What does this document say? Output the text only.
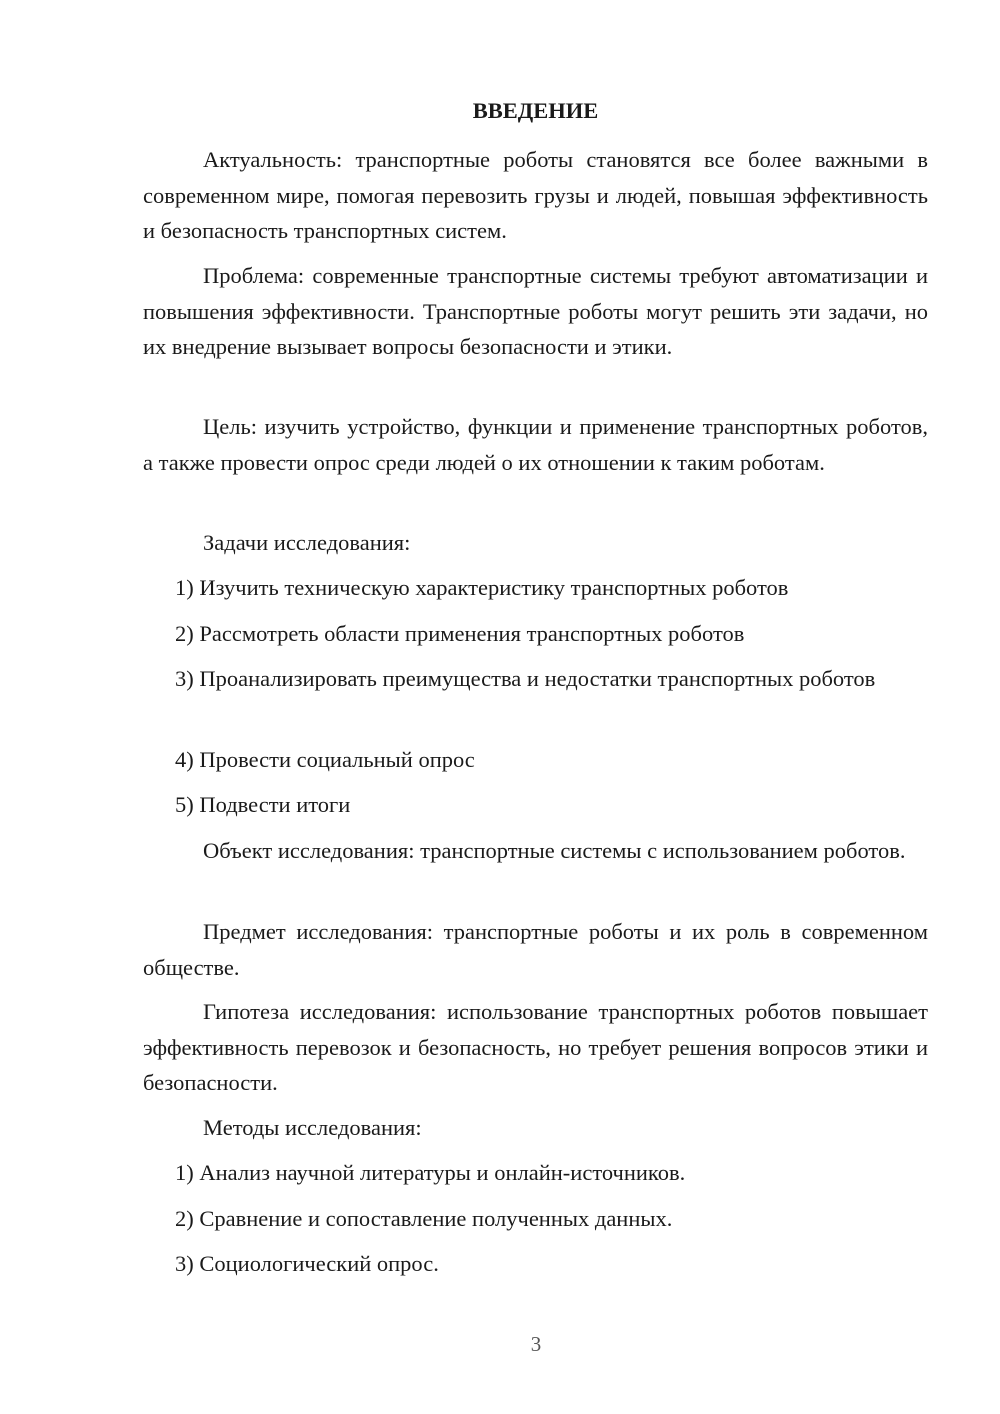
ВВЕДЕНИЕ

Актуальность: транспортные роботы становятся все более важными в современном мире, помогая перевозить грузы и людей, повышая эффективность и безопасность транспортных систем.

Проблема: современные транспортные системы требуют автоматизации и повышения эффективности. Транспортные роботы могут решить эти задачи, но их внедрение вызывает вопросы безопасности и этики.

Цель: изучить устройство, функции и применение транспортных роботов, а также провести опрос среди людей о их отношении к таким роботам.

Задачи исследования:

1) Изучить техническую характеристику транспортных роботов

2) Рассмотреть области применения транспортных роботов

3) Проанализировать преимущества и недостатки транспортных роботов

4) Провести социальный опрос

5) Подвести итоги

Объект исследования: транспортные системы с использованием роботов.

Предмет исследования: транспортные роботы и их роль в современном обществе.

Гипотеза исследования: использование транспортных роботов повышает эффективность перевозок и безопасность, но требует решения вопросов этики и безопасности.

Методы исследования:

1) Анализ научной литературы и онлайн-источников.

2) Сравнение и сопоставление полученных данных.

3) Социологический опрос.

3
